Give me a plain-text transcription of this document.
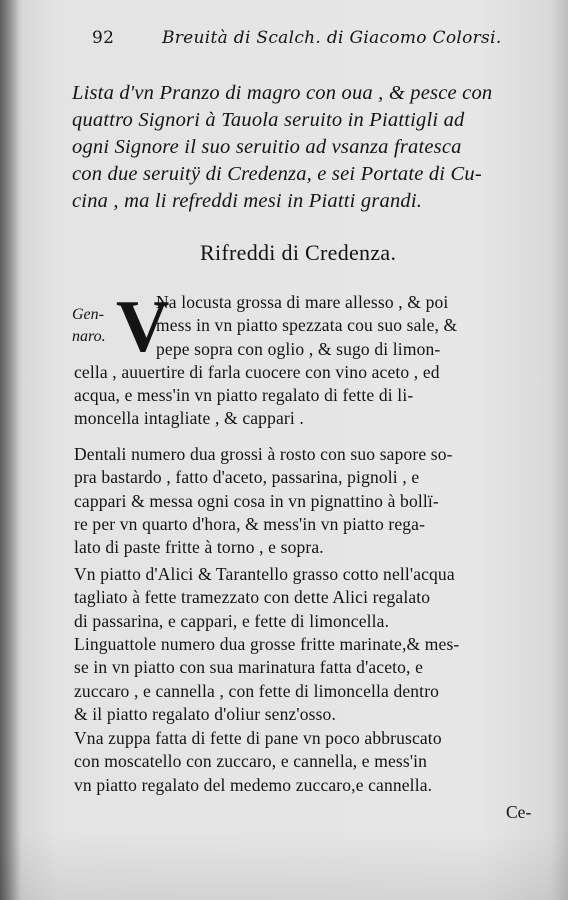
92	Breuità di Scalch. di Giacomo Colorsi.
Lista d'vn Pranzo di magro con oua , & pesce con
quattro Signori à Tauola seruito in Piattigli ad
ogni Signore il suo seruitio ad vsanza fratesca
con due seruitÿ di Credenza, e sei Portate di Cu-
cina , ma li refreddi mesi in Piatti grandi.
Rifreddi di Credenza.
Gen-
naro. V
Na locusta grossa di mare allesso , & poi
mess in vn piatto spezzata cou suo sale, &
pepe sopra con oglio , & sugo di limon-
cella , auuertire di farla cuocere con vino aceto , ed
acqua, e mess'in vn piatto regalato di fette di li-
moncella intagliate , & cappari .
Dentali numero dua grossi à rosto con suo sapore so-
pra bastardo , fatto d'aceto, passarina, pignoli , e
cappari & messa ogni cosa in vn pignattino à bollï-
re per vn quarto d'hora, & mess'in vn piatto rega-
lato di paste fritte à torno , e sopra.
Vn piatto d'Alici & Tarantello grasso cotto nell'acqua
tagliato à fette tramezzato con dette Alici regalato
di passarina, e cappari, e fette di limoncella.
Linguattole numero dua grosse fritte marinate,& mes-
se in vn piatto con sua marinatura fatta d'aceto, e
zuccaro , e cannella , con fette di limoncella dentro
& il piatto regalato d'oliur senz'osso.
Vna zuppa fatta di fette di pane vn poco abbruscato
con moscatello con zuccaro, e cannella, e mess'in
vn piatto regalato del medemo zuccaro,e cannella.
Ce-
